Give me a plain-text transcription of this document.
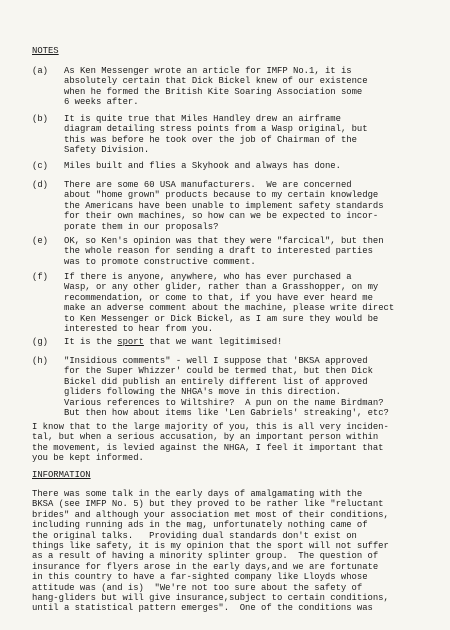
NOTES
(a) As Ken Messenger wrote an article for IMFP No.1, it is
absolutely certain that Dick Bickel knew of our existence
when he formed the British Kite Soaring Association some
6 weeks after.
(b) It is quite true that Miles Handley drew an airframe
diagram detailing stress points from a Wasp original, but
this was before he took over the job of Chairman of the
Safety Division.
(c) Miles built and flies a Skyhook and always has done.
(d) There are some 60 USA manufacturers.  We are concerned
about "home grown" products because to my certain knowledge
the Americans have been unable to implement safety standards
for their own machines, so how can we be expected to incor-
porate them in our proposals?
(e) OK, so Ken's opinion was that they were "farcical", but then
the whole reason for sending a draft to interested parties
was to promote constructive comment.
(f) If there is anyone, anywhere, who has ever purchased a
Wasp, or any other glider, rather than a Grasshopper, on my
recommendation, or come to that, if you have ever heard me
make an adverse comment about the machine, please write direct
to Ken Messenger or Dick Bickel, as I am sure they would be
interested to hear from you.
(g) It is the sport that we want legitimised!
(h) "Insidious comments" - well I suppose that 'BKSA approved
for the Super Whizzer' could be termed that, but then Dick
Bickel did publish an entirely different list of approved
gliders following the NHGA's move in this direction.
Various references to Wiltshire?  A pun on the name Birdman?
But then how about items like 'Len Gabriels' streaking', etc?
I know that to the large majority of you, this is all very inciden-
tal, but when a serious accusation, by an important person within
the movement, is levied against the NHGA, I feel it important that
you be kept informed.
INFORMATION
There was some talk in the early days of amalgamating with the
BKSA (see IMFP No. 5) but they proved to be rather like "reluctant
brides" and although your association met most of their conditions,
including running ads in the mag, unfortunately nothing came of
the original talks.   Providing dual standards don't exist on
things like safety, it is my opinion that the sport will not suffer
as a result of having a minority splinter group.  The question of
insurance for flyers arose in the early days,and we are fortunate
in this country to have a far-sighted company like Lloyds whose
attitude was (and is)  "We're not too sure about the safety of
hang-gliders but will give insurance,subject to certain conditions,
until a statistical pattern emerges".  One of the conditions was
